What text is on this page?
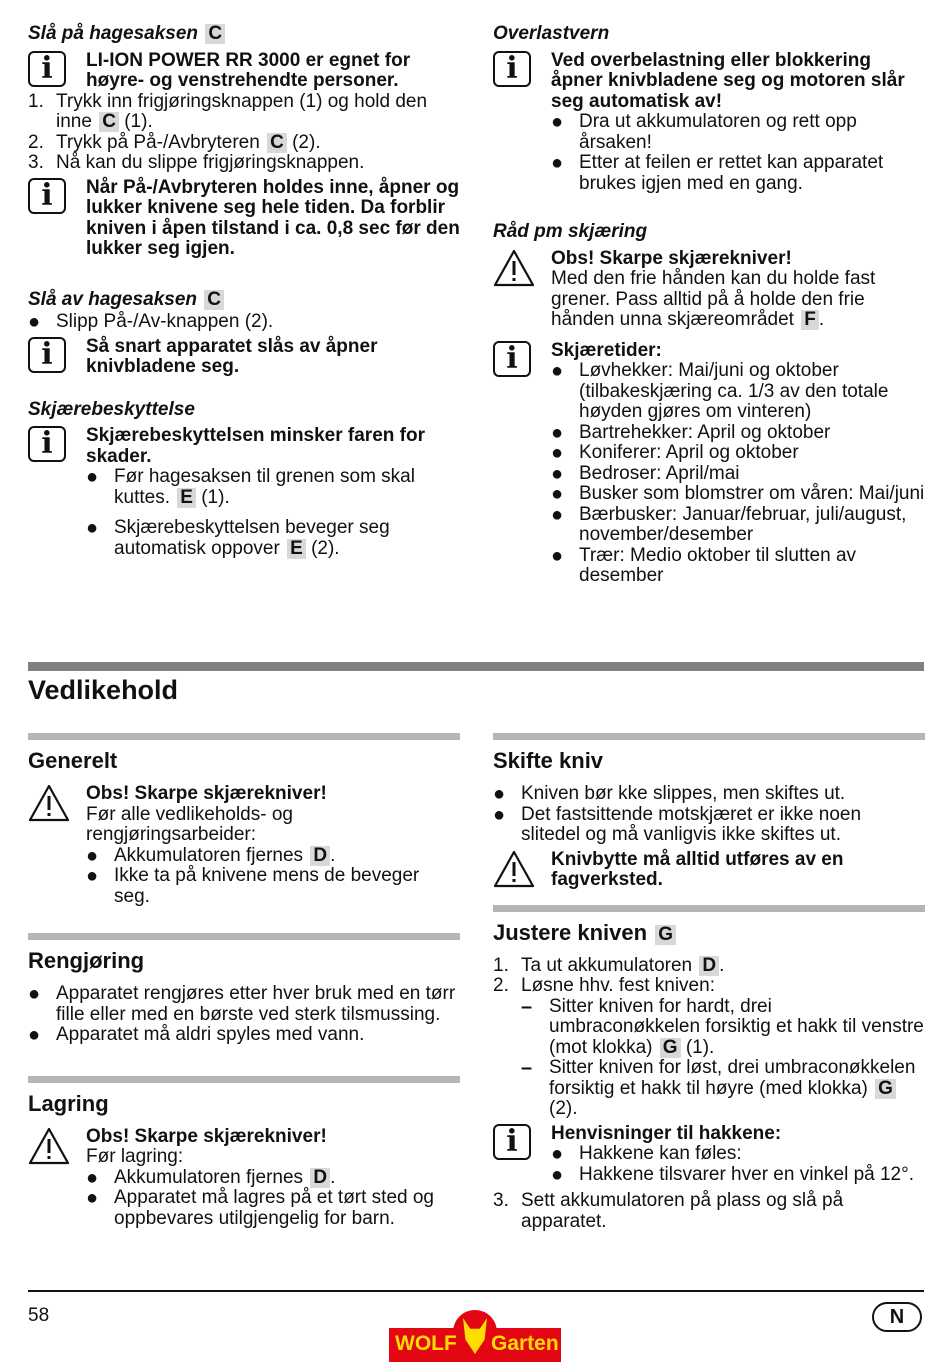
Slå på hagesaksen C
i	LI-ION POWER RR 3000 er egnet for høyre- og venstrehendte personer.
1. Trykk inn frigjøringsknappen (1) og hold den inne C (1).
2. Trykk på På-/Avbryteren C (2).
3. Nå kan du slippe frigjøringsknappen.
i	Når På-/Avbryteren holdes inne, åpner og lukker knivene seg hele tiden. Da forblir kniven i åpen tilstand i ca. 0,8 sec før den lukker seg igjen.
Slå av hagesaksen C
● Slipp På-/Av-knappen (2).
i	Så snart apparatet slås av åpner knivbladene seg.
Skjærebeskyttelse
i	Skjærebeskyttelsen minsker faren for skader.
● Før hagesaksen til grenen som skal kuttes. E (1).
● Skjærebeskyttelsen beveger seg automatisk oppover E (2).
Overlastvern
i	Ved overbelastning eller blokkering åpner knivbladene seg og motoren slår seg automatisk av!
● Dra ut akkumulatoren og rett opp årsaken!
● Etter at feilen er rettet kan apparatet brukes igjen med en gang.
Råd pm skjæring
Obs! Skarpe skjærekniver!
Med den frie hånden kan du holde fast grener. Pass alltid på å holde den frie hånden unna skjæreområdet F .
i	Skjæretider:
● Løvhekker: Mai/juni og oktober (tilbakeskjæring ca. 1/3 av den totale høyden gjøres om vinteren)
● Bartrehekker: April og oktober
● Koniferer: April og oktober
● Bedroser: April/mai
● Busker som blomstrer om våren: Mai/juni
● Bærbusker: Januar/februar, juli/august, november/desember
● Trær: Medio oktober til slutten av desember
Vedlikehold
Generelt
Obs! Skarpe skjærekniver!
Før alle vedlikeholds- og rengjøringsarbeider:
● Akkumulatoren fjernes D .
● Ikke ta på knivene mens de beveger seg.
Rengjøring
● Apparatet rengjøres etter hver bruk med en tørr fille eller med en børste ved sterk tilsmussing.
● Apparatet må aldri spyles med vann.
Lagring
Obs! Skarpe skjærekniver!
Før lagring:
● Akkumulatoren fjernes D .
● Apparatet må lagres på et tørt sted og oppbevares utilgjengelig for barn.
Skifte kniv
● Kniven bør kke slippes, men skiftes ut.
● Det fastsittende motskjæret er ikke noen slitedel og må vanligvis ikke skiftes ut.
Knivbytte må alltid utføres av en fagverksted.
Justere kniven G
1. Ta ut akkumulatoren D .
2. Løsne hhv. fest kniven:
– Sitter kniven for hardt, drei umbraconøkkelen forsiktig et hakk til venstre (mot klokka) G (1).
– Sitter kniven for løst, drei umbraconøkkelen forsiktig et hakk til høyre (med klokka) G (2).
i	Henvisninger til hakkene:
● Hakkene kan føles:
● Hakkene tilsvarer hver en vinkel på 12°.
3. Sett akkumulatoren på plass og slå på apparatet.
58
WOLF Garten
N
